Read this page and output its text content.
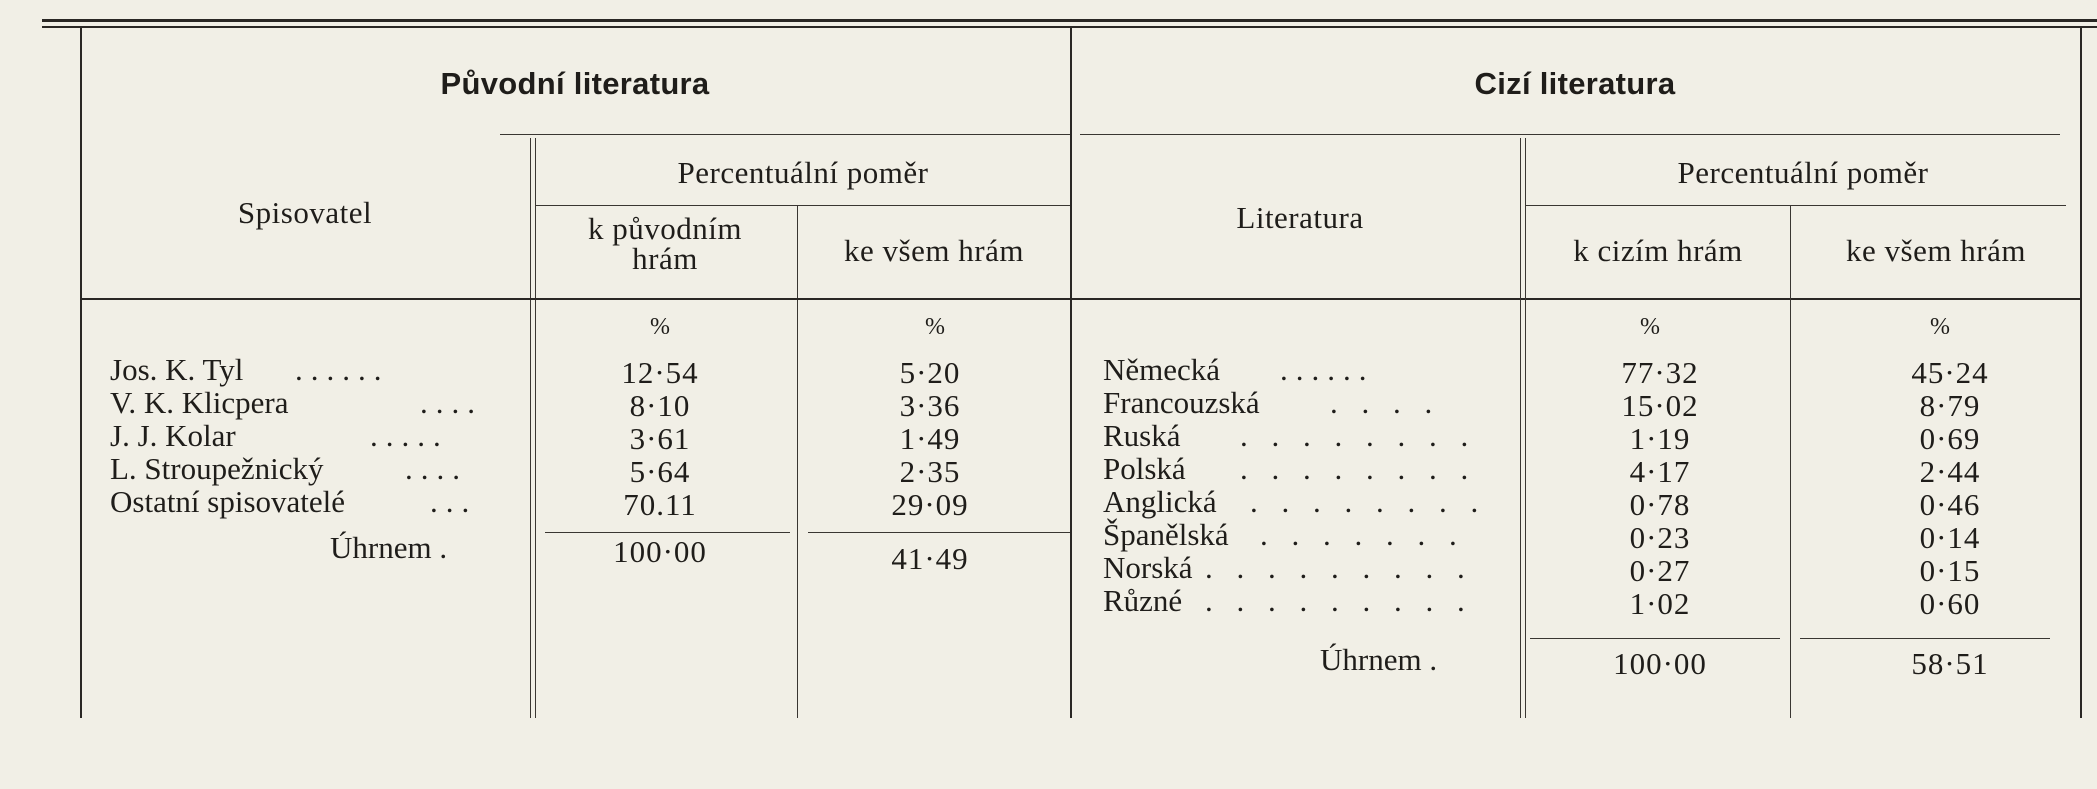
Původní literatura
Spisovatel
Percentuální poměr
k původním hrám	ke všem hrám
%	%
Jos. K. Tyl ......	12·54	5·20
V. K. Klicpera	....	8·10	3·36
J. J. Kolar	.....	3·61	1·49
L. Stroupežnický	....	5·64	2·35
Ostatní spisovatelé	...	70.11	29·09
Úhrnem .	100·00	41·49
Cizí literatura
Literatura
Percentuální poměr
k cizím hrám	ke všem hrám
%	%
Německá ......	77·32	45·24
Francouzská . . . .	15·02	8·79
Ruská . . . . . . . .	1·19	0·69
Polská . . . . . . . .	4·17	2·44
Anglická . . . . . . . .	0·78	0·46
Španělská . . . . . . .	0·23	0·14
Norská . . . . . . . . .	0·27	0·15
Různé . . . . . . . . .	1·02	0·60
Úhrnem .	100·00	58·51
